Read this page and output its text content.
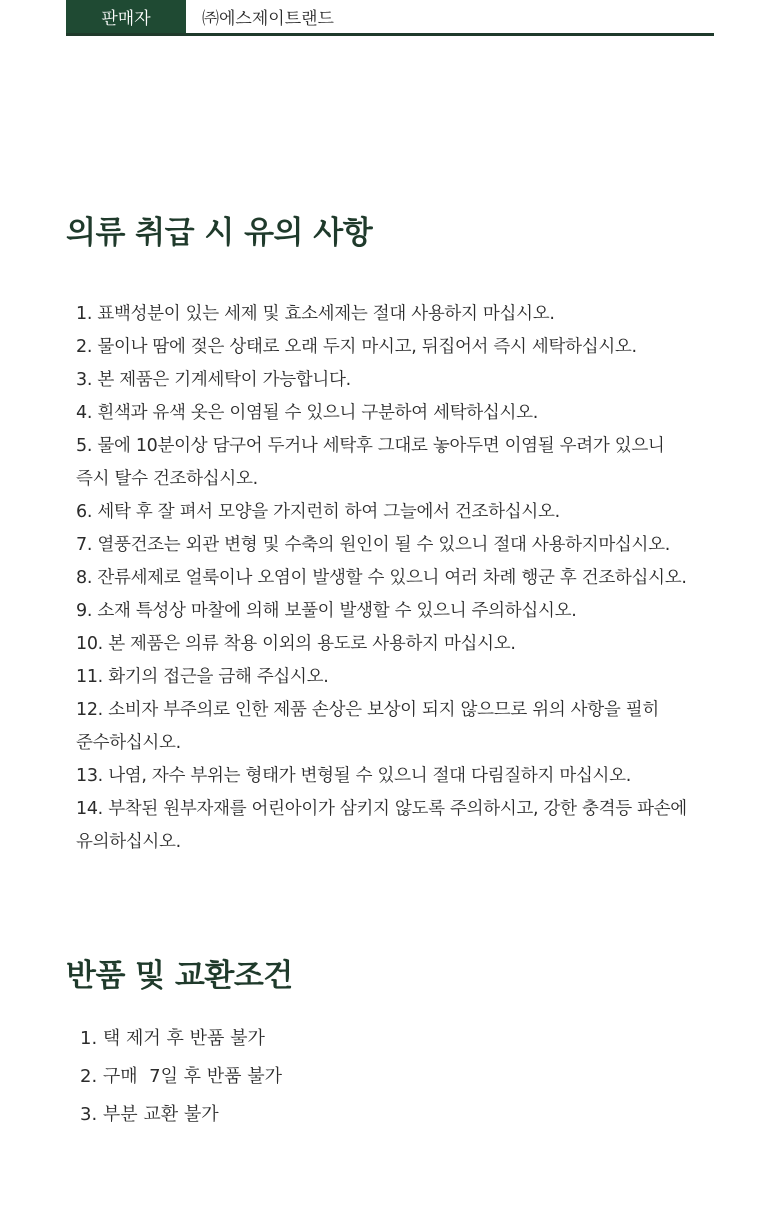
판매자	㈜에스제이트랜드
의류 취급 시 유의 사항
1. 표백성분이 있는 세제 및 효소세제는 절대 사용하지 마십시오.
2. 물이나 땀에 젖은 상태로 오래 두지 마시고, 뒤집어서 즉시 세탁하십시오.
3. 본 제품은 기계세탁이 가능합니다.
4. 흰색과 유색 옷은 이염될 수 있으니 구분하여 세탁하십시오.
5. 물에 10분이상 담구어 두거나 세탁후 그대로 놓아두면 이염될 우려가 있으니
즉시 탈수 건조하십시오.
6. 세탁 후 잘 펴서 모양을 가지런히 하여 그늘에서 건조하십시오.
7. 열풍건조는 외관 변형 및 수축의 원인이 될 수 있으니 절대 사용하지마십시오.
8. 잔류세제로 얼룩이나 오염이 발생할 수 있으니 여러 차례 행군 후 건조하십시오.
9. 소재 특성상 마찰에 의해 보풀이 발생할 수 있으니 주의하십시오.
10. 본 제품은 의류 착용 이외의 용도로 사용하지 마십시오.
11. 화기의 접근을 금해 주십시오.
12. 소비자 부주의로 인한 제품 손상은 보상이 되지 않으므로 위의 사항을 필히
준수하십시오.
13. 나염, 자수 부위는 형태가 변형될 수 있으니 절대 다림질하지 마십시오.
14. 부착된 원부자재를 어린아이가 삼키지 않도록 주의하시고, 강한 충격등 파손에
유의하십시오.
반품 및 교환조건
1. 택 제거 후 반품 불가
2. 구매  7일 후 반품 불가
3. 부분 교환 불가
